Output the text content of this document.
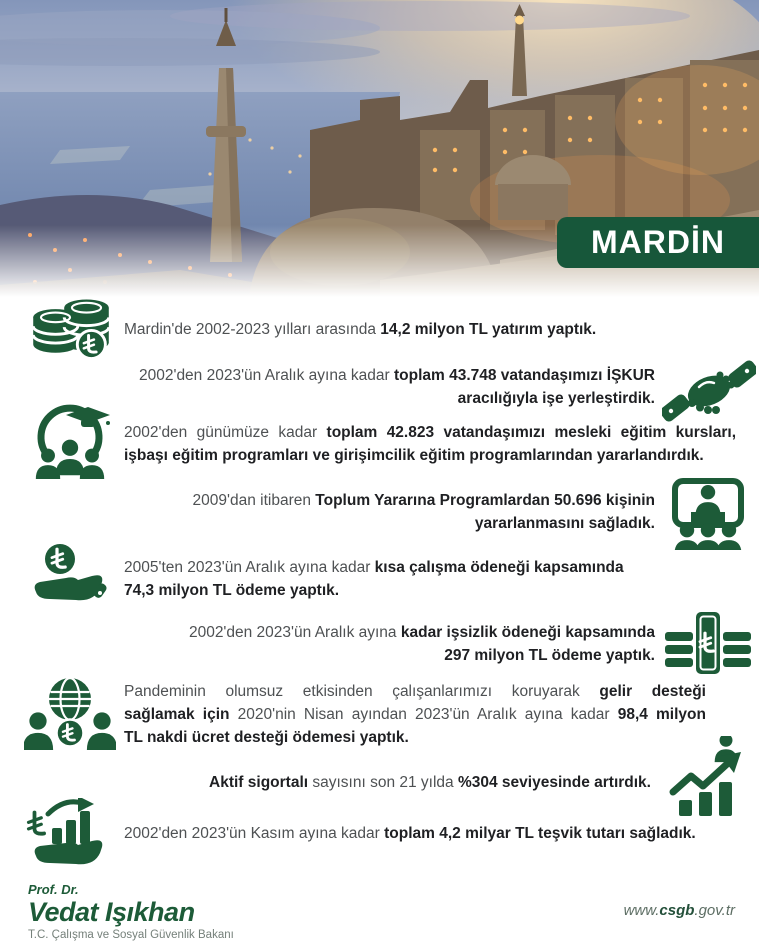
MARDİN
Mardin'de 2002-2023 yılları arasında 14,2 milyon TL yatırım yaptık.
2002'den 2023'ün Aralık ayına kadar toplam 43.748 vatandaşımızı İŞKUR
aracılığıyla işe yerleştirdik.
2002'den günümüze kadar toplam 42.823 vatandaşımızı mesleki eğitim kursları,
işbaşı eğitim programları ve girişimcilik eğitim programlarından yararlandırdık.
2009'dan itibaren Toplum Yararına Programlardan 50.696 kişinin
yararlanmasını sağladık.
2005'ten 2023'ün Aralık ayına kadar kısa çalışma ödeneği kapsamında
74,3 milyon TL ödeme yaptık.
2002'den 2023'ün Aralık ayına kadar işsizlik ödeneği kapsamında
297 milyon TL ödeme yaptık.
Pandeminin olumsuz etkisinden çalışanlarımızı koruyarak gelir desteği
sağlamak için 2020'nin Nisan ayından 2023'ün Aralık ayına kadar 98,4 milyon
TL nakdi ücret desteği ödemesi yaptık.
Aktif sigortalı sayısını son 21 yılda %304 seviyesinde artırdık.
2002'den 2023'ün Kasım ayına kadar toplam 4,2 milyar TL teşvik tutarı sağladık.
Prof. Dr.
Vedat Işıkhan
T.C. Çalışma ve Sosyal Güvenlik Bakanı
www.csgb.gov.tr
